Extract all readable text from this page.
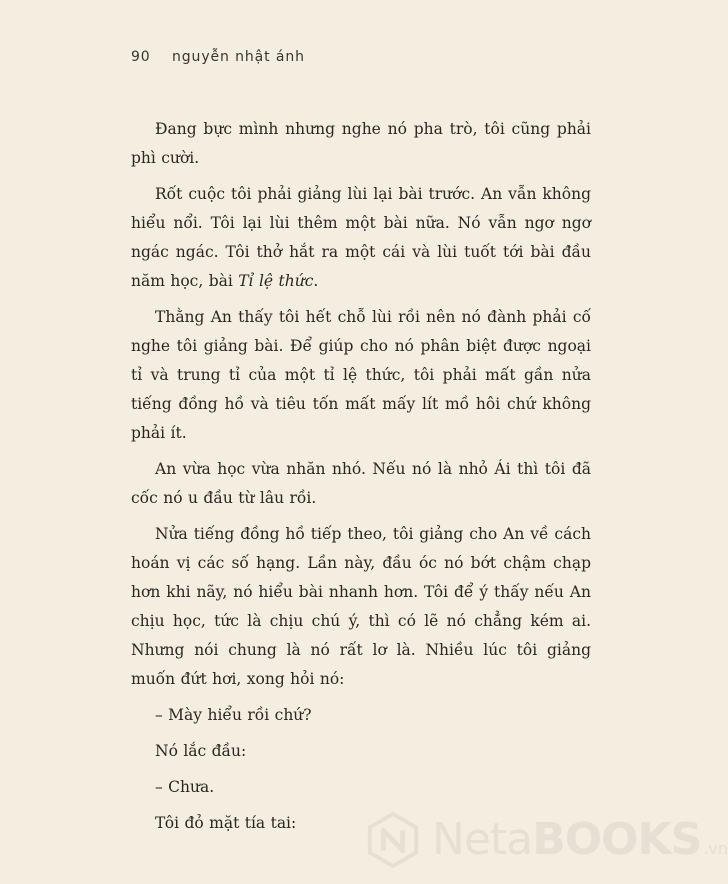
90 nguyễn nhật ánh

Đang bực mình nhưng nghe nó pha trò, tôi cũng phải phì cười.

Rốt cuộc tôi phải giảng lùi lại bài trước. An vẫn không hiểu nổi. Tôi lại lùi thêm một bài nữa. Nó vẫn ngơ ngơ ngác ngác. Tôi thở hắt ra một cái và lùi tuốt tới bài đầu năm học, bài Tỉ lệ thức.

Thằng An thấy tôi hết chỗ lùi rồi nên nó đành phải cố nghe tôi giảng bài. Để giúp cho nó phân biệt được ngoại tỉ và trung tỉ của một tỉ lệ thức, tôi phải mất gần nửa tiếng đồng hồ và tiêu tốn mất mấy lít mồ hôi chứ không phải ít.

An vừa học vừa nhăn nhó. Nếu nó là nhỏ Ái thì tôi đã cốc nó u đầu từ lâu rồi.

Nửa tiếng đồng hồ tiếp theo, tôi giảng cho An về cách hoán vị các số hạng. Lần này, đầu óc nó bớt chậm chạp hơn khi nãy, nó hiểu bài nhanh hơn. Tôi để ý thấy nếu An chịu học, tức là chịu chú ý, thì có lẽ nó chẳng kém ai. Nhưng nói chung là nó rất lơ là. Nhiều lúc tôi giảng muốn đứt hơi, xong hỏi nó:

– Mày hiểu rồi chứ?

Nó lắc đầu:

– Chưa.

Tôi đỏ mặt tía tai:	NetaBOOKS .vn
